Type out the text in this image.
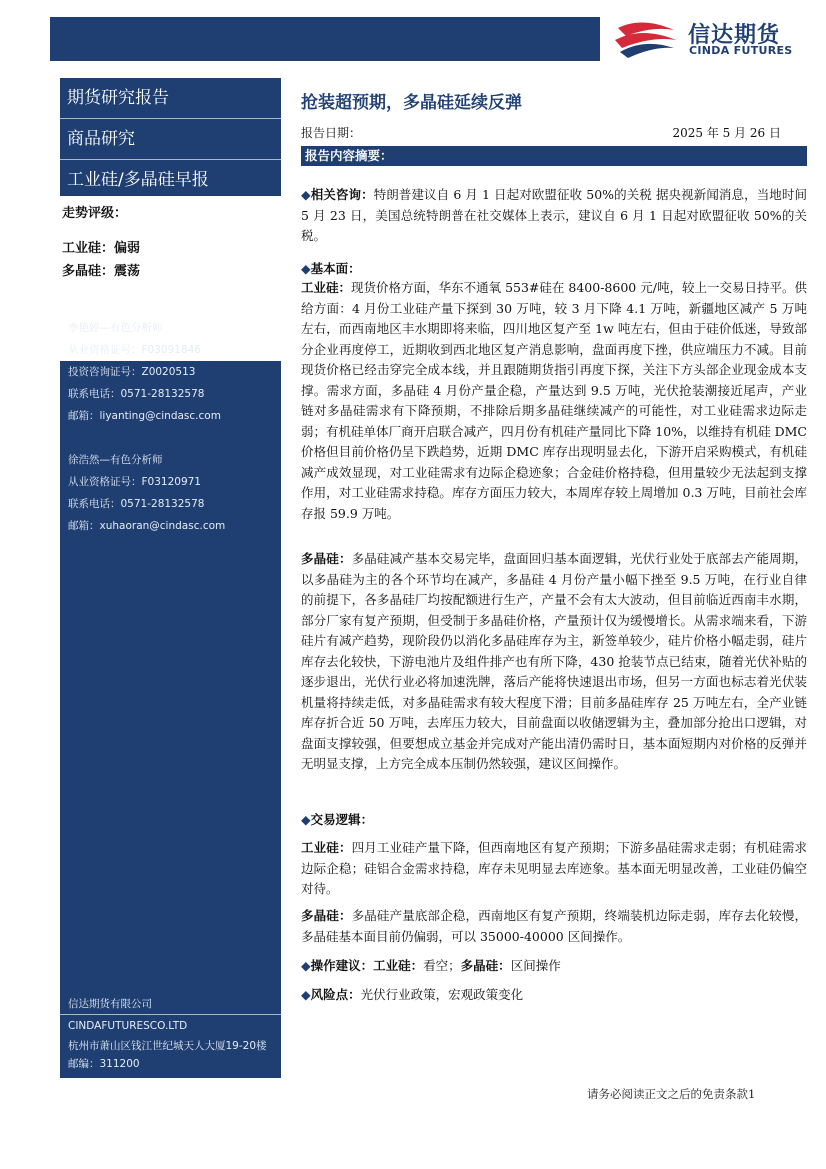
信达期货
CINDA FUTURES
期货研究报告
商品研究
工业硅/多晶硅早报
走势评级：
工业硅：偏弱
多晶硅：震荡
李艳婷—有色分析师
从业资格证号：F03091846
投资咨询证号：Z0020513
联系电话：0571-28132578
邮箱：liyanting@cindasc.com
徐浩然—有色分析师
从业资格证号：F03120971
联系电话：0571-28132578
邮箱：xuhaoran@cindasc.com
信达期货有限公司
CINDAFUTURESCO.LTD
杭州市萧山区钱江世纪城天人大厦19-20楼
邮编：311200
抢装超预期，多晶硅延续反弹
报告日期：	2025 年 5 月 26 日
报告内容摘要：
◆相关咨询：特朗普建议自 6 月 1 日起对欧盟征收 50%的关税 据央视新闻消息，当地时间 5 月 23 日，美国总统特朗普在社交媒体上表示，建议自 6 月 1 日起对欧盟征收 50%的关税。
◆基本面：
工业硅：现货价格方面，华东不通氧 553#硅在 8400-8600 元/吨，较上一交易日持平。供给方面：4 月份工业硅产量下探到 30 万吨，较 3 月下降 4.1 万吨，新疆地区减产 5 万吨左右，而西南地区丰水期即将来临，四川地区复产至 1w 吨左右，但由于硅价低迷，导致部分企业再度停工，近期收到西北地区复产消息影响，盘面再度下挫，供应端压力不减。目前现货价格已经击穿完全成本线，并且跟随期货指引再度下探，关注下方头部企业现金成本支撑。需求方面，多晶硅 4 月份产量企稳，产量达到 9.5 万吨，光伏抢装潮接近尾声，产业链对多晶硅需求有下降预期，不排除后期多晶硅继续减产的可能性，对工业硅需求边际走弱；有机硅单体厂商开启联合减产，四月份有机硅产量同比下降 10%，以维持有机硅 DMC 价格但目前价格仍呈下跌趋势，近期 DMC 库存出现明显去化，下游开启采购模式，有机硅减产成效显现，对工业硅需求有边际企稳迹象；合金硅价格持稳，但用量较少无法起到支撑作用，对工业硅需求持稳。库存方面压力较大，本周库存较上周增加 0.3 万吨，目前社会库存报 59.9 万吨。
多晶硅：多晶硅减产基本交易完毕，盘面回归基本面逻辑，光伏行业处于底部去产能周期，以多晶硅为主的各个环节均在减产，多晶硅 4 月份产量小幅下挫至 9.5 万吨，在行业自律的前提下，各多晶硅厂均按配额进行生产，产量不会有太大波动，但目前临近西南丰水期，部分厂家有复产预期，但受制于多晶硅价格，产量预计仅为缓慢增长。从需求端来看，下游硅片有减产趋势，现阶段仍以消化多晶硅库存为主，新签单较少，硅片价格小幅走弱，硅片库存去化较快，下游电池片及组件排产也有所下降，430 抢装节点已结束，随着光伏补贴的逐步退出，光伏行业必将加速洗牌，落后产能将快速退出市场，但另一方面也标志着光伏装机量将持续走低，对多晶硅需求有较大程度下滑；目前多晶硅库存 25 万吨左右，全产业链库存折合近 50 万吨，去库压力较大，目前盘面以收储逻辑为主，叠加部分抢出口逻辑，对盘面支撑较强，但要想成立基金并完成对产能出清仍需时日，基本面短期内对价格的反弹并无明显支撑，上方完全成本压制仍然较强，建议区间操作。
◆交易逻辑：
工业硅：四月工业硅产量下降，但西南地区有复产预期；下游多晶硅需求走弱；有机硅需求边际企稳；硅铝合金需求持稳，库存未见明显去库迹象。基本面无明显改善，工业硅仍偏空对待。
多晶硅：多晶硅产量底部企稳，西南地区有复产预期，终端装机边际走弱，库存去化较慢，多晶硅基本面目前仍偏弱，可以 35000-40000 区间操作。
◆操作建议：工业硅：看空；多晶硅：区间操作
◆风险点：光伏行业政策，宏观政策变化
请务必阅读正文之后的免责条款1
